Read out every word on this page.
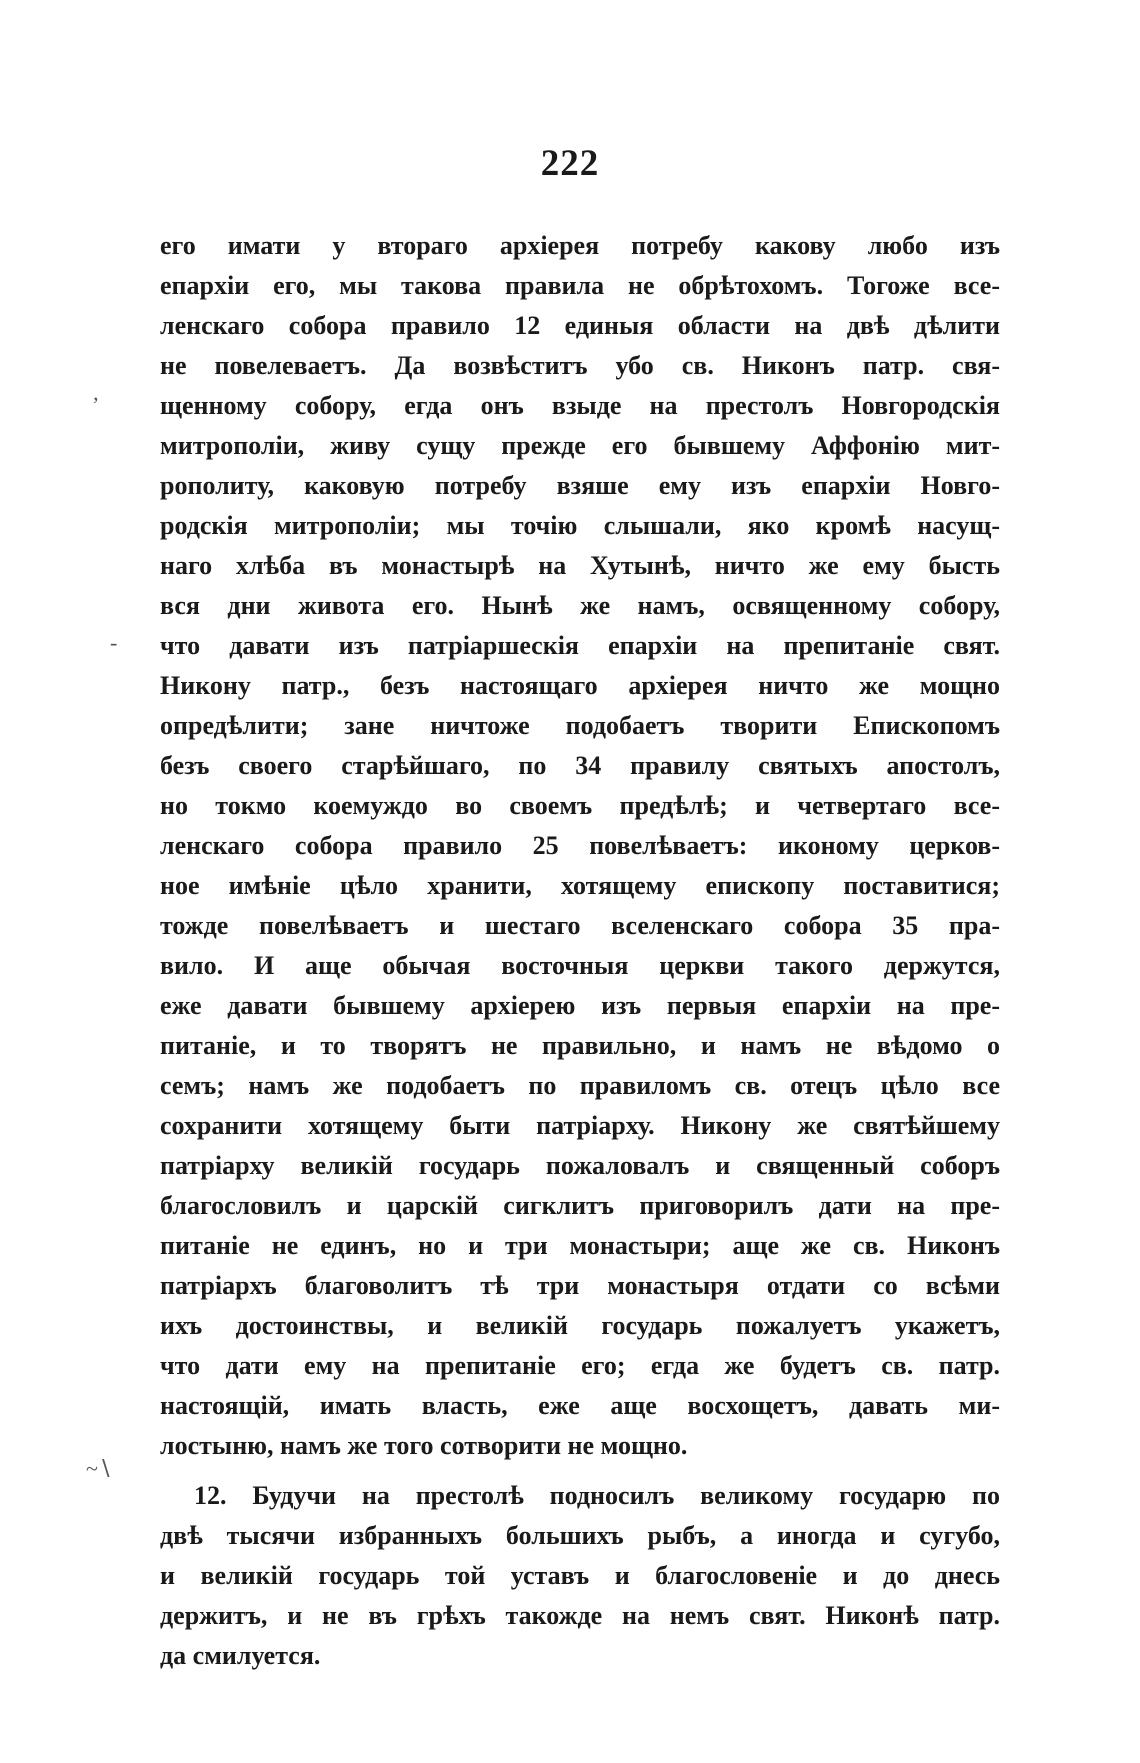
222
’
-
~∖
его имати у втораго архіерея потребу какову любо изъ
епархіи его, мы такова правила не обрѣтохомъ. Тогоже все-
ленскаго собора правило 12 единыя области на двѣ дѣлити
не повелеваетъ. Да возвѣститъ убо св. Никонъ патр. свя-
щенному собору, егда онъ взыде на престолъ Новгородскія
митрополіи, живу сущу прежде его бывшему Аффонію мит-
рополиту, каковую потребу взяше ему изъ епархіи Новго-
родскія митрополіи; мы точію слышали, яко кромѣ насущ-
наго хлѣба въ монастырѣ на Хутынѣ, ничто же ему бысть
вся дни живота его. Нынѣ же намъ, освященному собору,
что давати изъ патріаршескія епархіи на препитаніе свят.
Никону патр., безъ настоящаго архіерея ничто же мощно
опредѣлити; зане ничтоже подобаетъ творити Епископомъ
безъ своего старѣйшаго, по 34 правилу святыхъ апостолъ,
но токмо коемуждо во своемъ предѣлѣ; и четвертаго все-
ленскаго собора правило 25 повелѣваетъ: иконому церков-
ное имѣніе цѣло хранити, хотящему епископу поставитися;
тожде повелѣваетъ и шестаго вселенскаго собора 35 пра-
вило. И аще обычая восточныя церкви такого держутся,
еже давати бывшему архіерею изъ первыя епархіи на пре-
питаніе, и то творятъ не правильно, и намъ не вѣдомо о
семъ; намъ же подобаетъ по правиломъ св. отецъ цѣло все
сохранити хотящему быти патріарху. Никону же святѣйшему
патріарху великій государь пожаловалъ и священный соборъ
благословилъ и царскій сигклитъ приговорилъ дати на пре-
питаніе не единъ, но и три монастыри; аще же св. Никонъ
патріархъ благоволитъ тѣ три монастыря отдати со всѣми
ихъ достоинствы, и великій государь пожалуетъ укажетъ,
что дати ему на препитаніе его; егда же будетъ св. патр.
настоящій, имать власть, еже аще восхощетъ, давать ми-
лостыню, намъ же того сотворити не мощно.
12. Будучи на престолѣ подносилъ великому государю по
двѣ тысячи избранныхъ большихъ рыбъ, а иногда и сугубо,
и великій государь той уставъ и благословеніе и до днесь
держитъ, и не въ грѣхъ такожде на немъ свят. Никонѣ патр.
да смилуется.
